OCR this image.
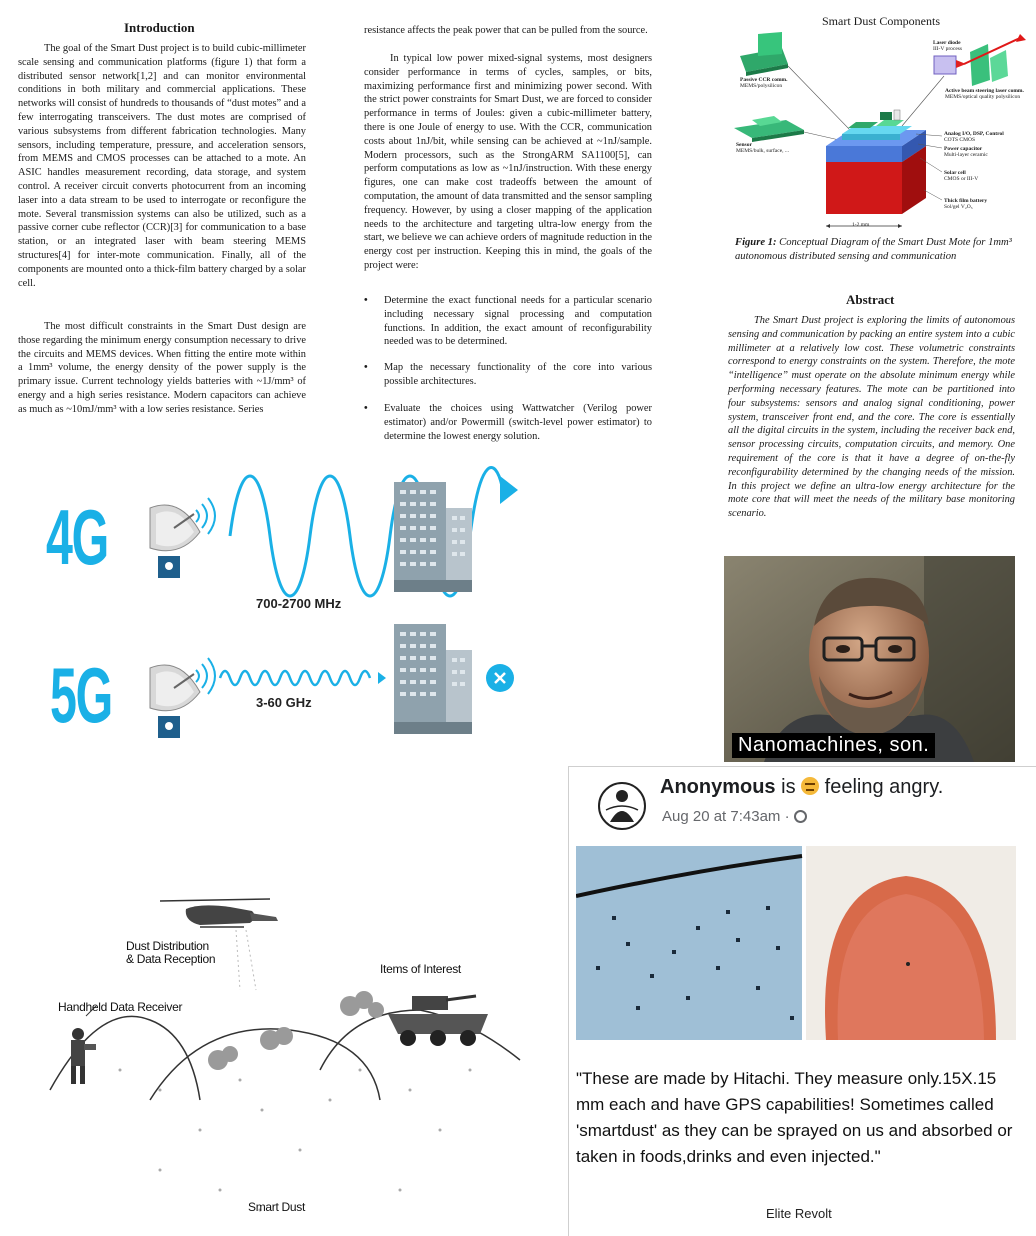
Introduction
The goal of the Smart Dust project is to build cubic-millimeter scale sensing and communication platforms (figure 1) that form a distributed sensor network[1,2] and can monitor environmental conditions in both military and commercial applications. These networks will consist of hundreds to thousands of “dust motes” and a few interrogating transceivers. The dust motes are comprised of various subsystems from different fabrication technologies. Many sensors, including temperature, pressure, and acceleration sensors, from MEMS and CMOS processes can be attached to a mote. An ASIC handles measurement recording, data storage, and system control. A receiver circuit converts photocurrent from an incoming laser into a data stream to be used to interrogate or reconfigure the mote. Several transmission systems can also be utilized, such as a passive corner cube reflector (CCR)[3] for communication to a base station, or an integrated laser with beam steering MEMS structures[4] for inter-mote communication. Finally, all of the components are mounted onto a thick-film battery charged by a solar cell.
The most difficult constraints in the Smart Dust design are those regarding the minimum energy consumption necessary to drive the circuits and MEMS devices. When fitting the entire mote within a 1mm³ volume, the energy density of the power supply is the primary issue. Current technology yields batteries with ~1J/mm³ of energy and a high series resistance. Modern capacitors can achieve as much as ~10mJ/mm³ with a low series resistance. Series
resistance affects the peak power that can be pulled from the source.
In typical low power mixed-signal systems, most designers consider performance in terms of cycles, samples, or bits, maximizing performance first and minimizing power second. With the strict power constraints for Smart Dust, we are forced to consider performance in terms of Joules: given a cubic-millimeter battery, there is one Joule of energy to use. With the CCR, communication costs about 1nJ/bit, while sensing can be achieved at ~1nJ/sample. Modern processors, such as the StrongARM SA1100[5], can perform computations as low as ~1nJ/instruction. With these energy figures, one can make cost tradeoffs between the amount of computation, the amount of data transmitted and the sensor sampling frequency. However, by using a closer mapping of the application needs to the architecture and targeting ultra-low energy from the start, we believe we can achieve orders of magnitude reduction in the energy cost per instruction. Keeping this in mind, the goals of the project were:
•	Determine the exact functional needs for a particular scenario including necessary signal processing and computation functions. In addition, the exact amount of reconfigurability needed was to be determined.
•	Map the necessary functionality of the core into various possible architectures.
•	Evaluate the choices using Wattwatcher (Verilog power estimator) and/or Powermill (switch-level power estimator) to determine the lowest energy solution.
Smart Dust Components
Laser diode
III-V process
Passive CCR comm.
MEMS/polysilicon
Active beam steering laser comm.
MEMS/optical quality polysilicon
Sensor
MEMS/bulk, surface, ...
Analog I/O, DSP, Control
COTS CMOS
Power capacitor
Multi-layer ceramic
Solar cell
CMOS or III-V
Thick film battery
Sol/gel V₂O₅
1-2 mm
Figure 1: Conceptual Diagram of the Smart Dust Mote for 1mm³ autonomous distributed sensing and communication
Abstract
The Smart Dust project is exploring the limits of autonomous sensing and communication by packing an entire system into a cubic millimeter at a relatively low cost. These volumetric constraints correspond to energy constraints on the system. Therefore, the mote “intelligence” must operate on the absolute minimum energy while performing necessary features. The mote can be partitioned into four subsystems: sensors and analog signal conditioning, power system, transceiver front end, and the core. The core is essentially all the digital circuits in the system, including the receiver back end, sensor processing circuits, computation circuits, and memory. One requirement of the core is that it have a degree of on-the-fly reconfigurability determined by the changing needs of the mission. In this project we define an ultra-low energy architecture for the mote core that will meet the needs of the military base monitoring scenario.
Nanomachines, son.
4G
5G
700-2700 MHz
3-60 GHz
Dust Distribution
& Data Reception
Items of Interest
Handheld Data Receiver
Smart Dust
Anonymous is
feeling angry.
Aug 20 at 7:43am ·
"These are made by Hitachi. They measure only.15X.15 mm each and have GPS capabilities! Sometimes called 'smartdust' as they can be sprayed on us and absorbed or taken in foods,drinks and even injected."
Elite Revolt
